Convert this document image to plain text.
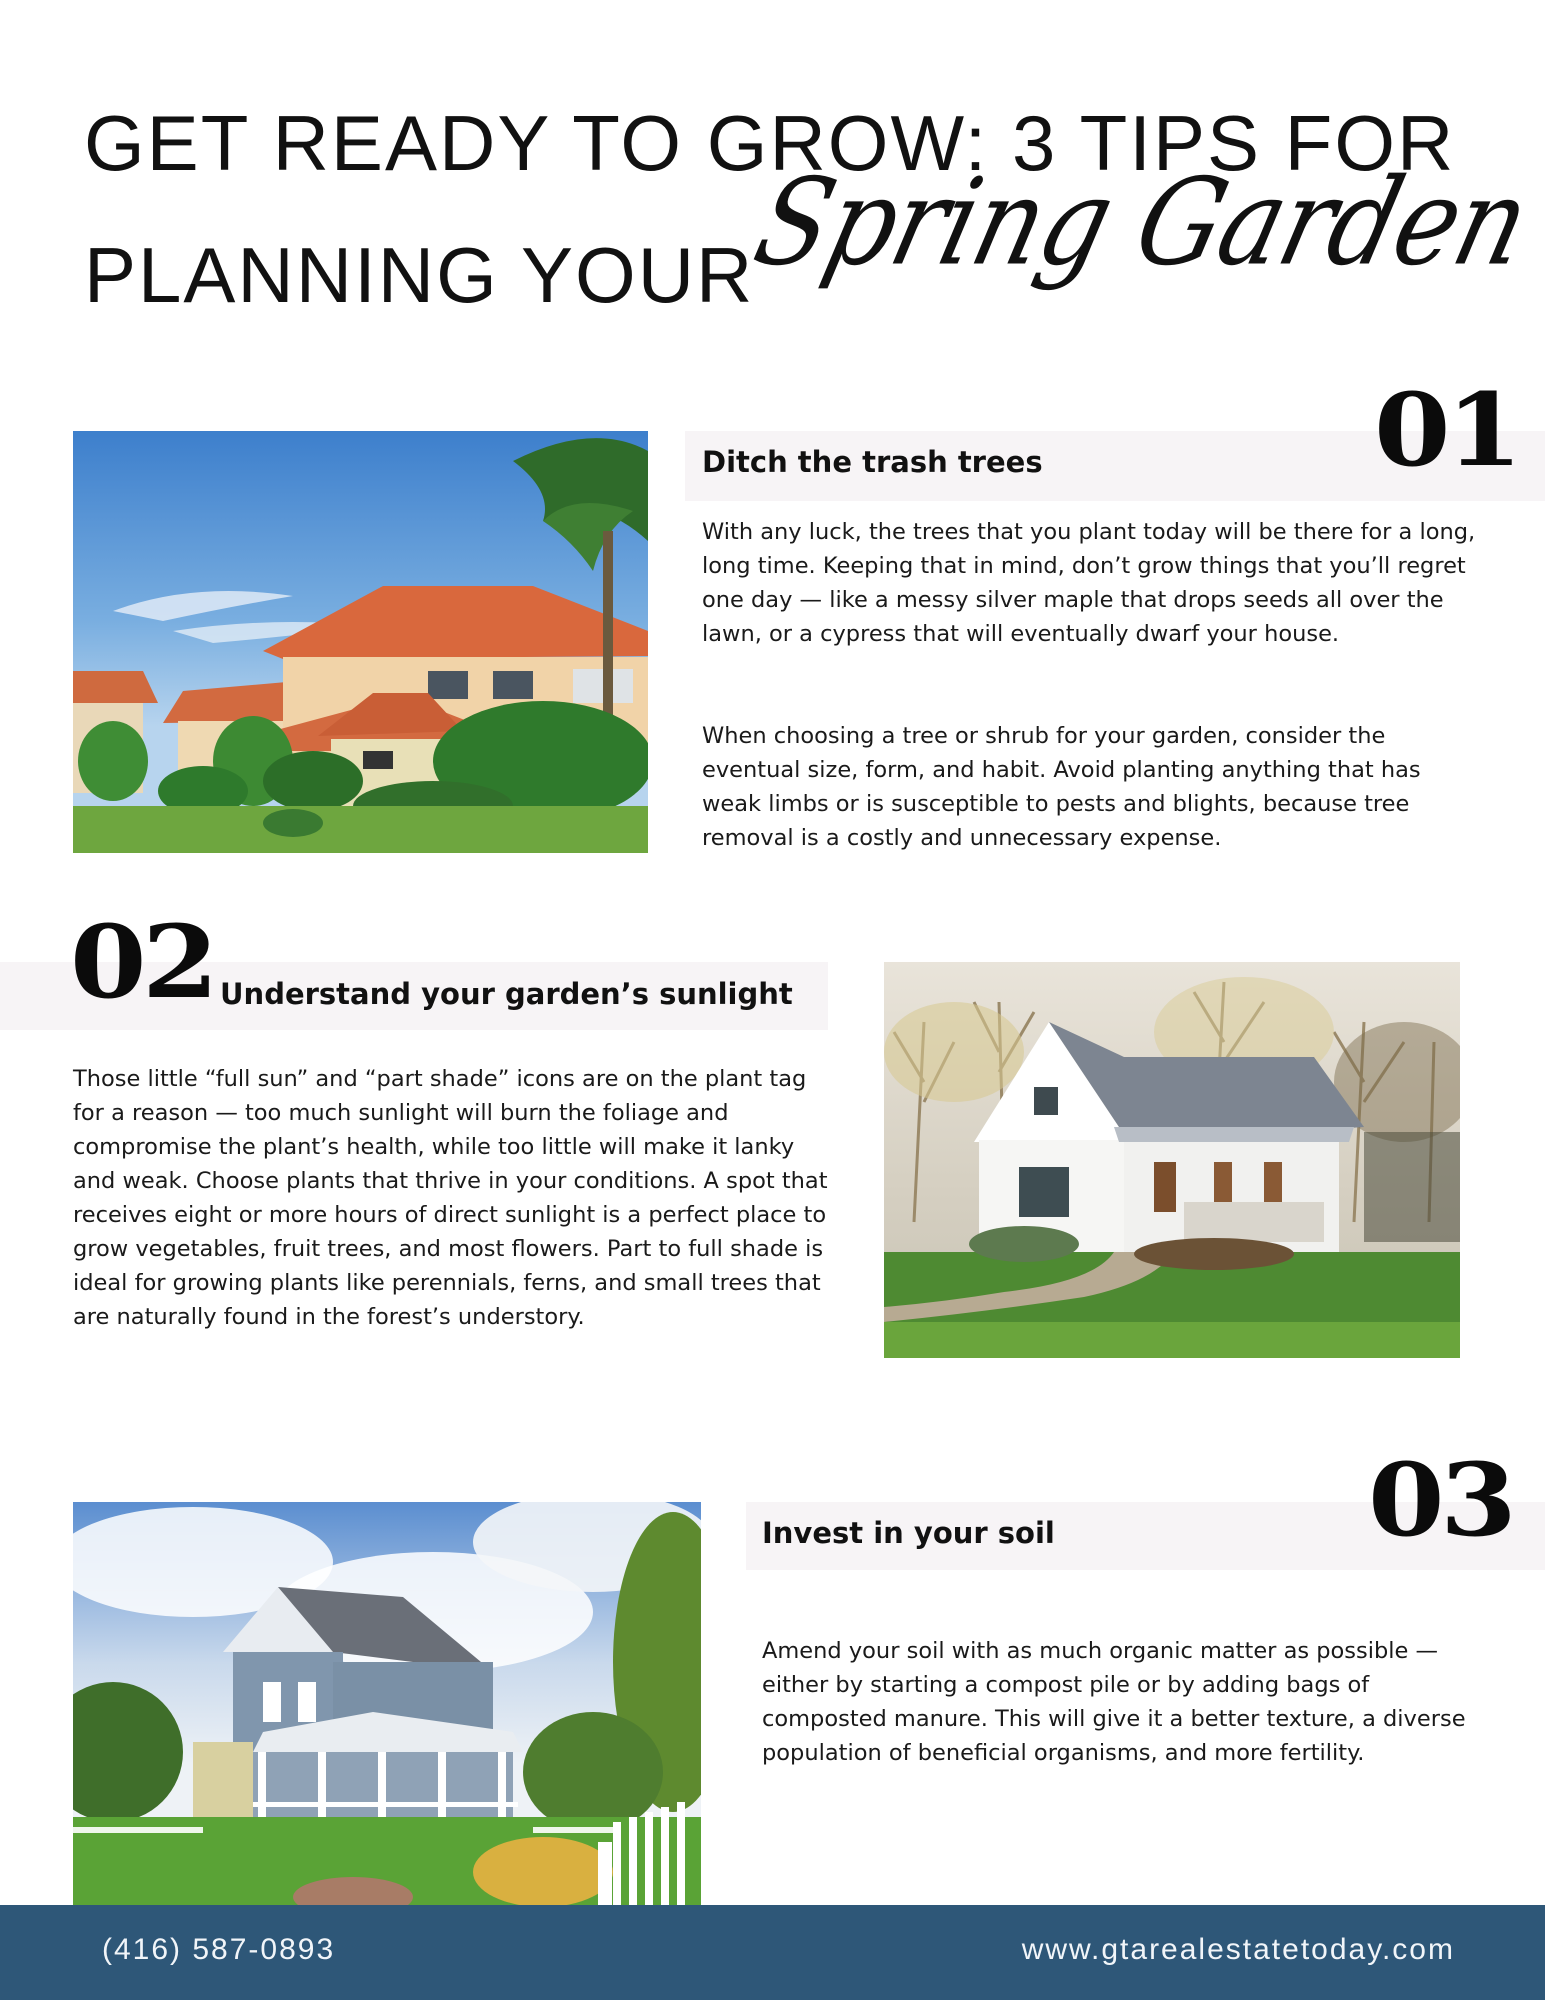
GET READY TO GROW: 3 TIPS FOR
PLANNING YOUR
Spring Garden
Ditch the trash trees	01

With any luck, the trees that you plant today will be there for a long, long time. Keeping that in mind, don’t grow things that you’ll regret one day — like a messy silver maple that drops seeds all over the lawn, or a cypress that will eventually dwarf your house.

When choosing a tree or shrub for your garden, consider the eventual size, form, and habit. Avoid planting anything that has weak limbs or is susceptible to pests and blights, because tree removal is a costly and unnecessary expense.

02 Understand your garden’s sunlight

Those little “full sun” and “part shade” icons are on the plant tag for a reason — too much sunlight will burn the foliage and compromise the plant’s health, while too little will make it lanky and weak. Choose plants that thrive in your conditions. A spot that receives eight or more hours of direct sunlight is a perfect place to grow vegetables, fruit trees, and most flowers. Part to full shade is ideal for growing plants like perennials, ferns, and small trees that are naturally found in the forest’s understory.

Invest in your soil	03

Amend your soil with as much organic matter as possible — either by starting a compost pile or by adding bags of composted manure. This will give it a better texture, a diverse population of beneficial organisms, and more fertility.

(416) 587-0893	www.gtarealestatetoday.com
